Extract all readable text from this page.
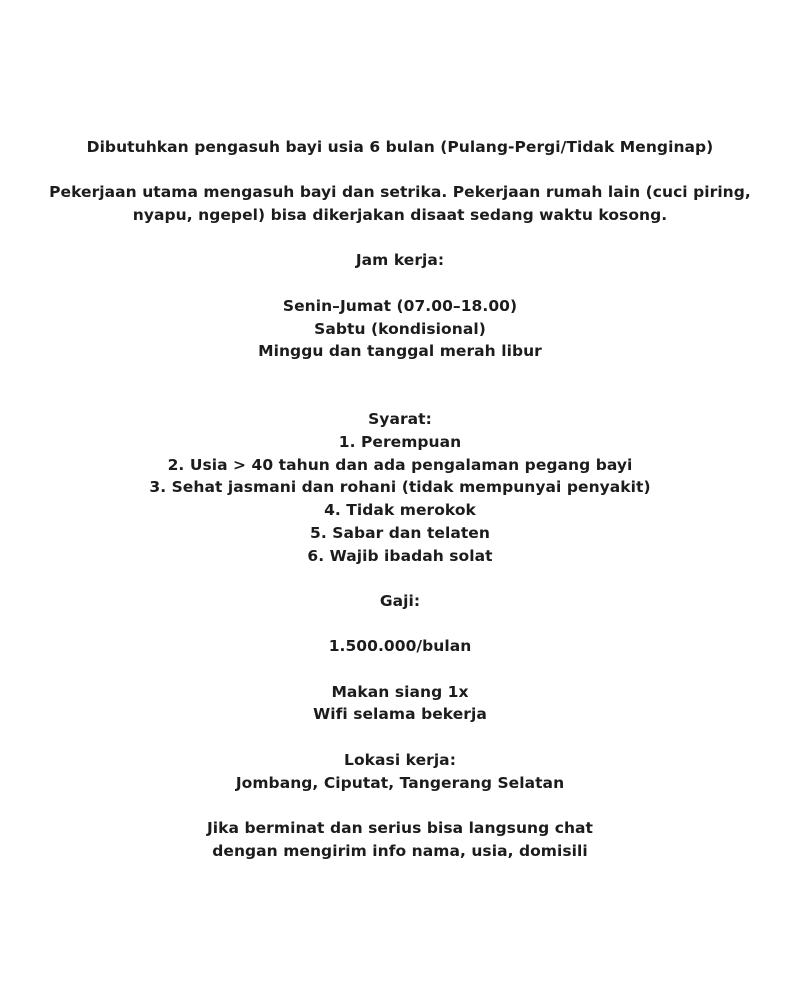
Dibutuhkan pengasuh bayi usia 6 bulan (Pulang-Pergi/Tidak Menginap)
Pekerjaan utama mengasuh bayi dan setrika. Pekerjaan rumah lain (cuci piring,
nyapu, ngepel) bisa dikerjakan disaat sedang waktu kosong.
Jam kerja:
Senin–Jumat (07.00–18.00)
Sabtu (kondisional)
Minggu dan tanggal merah libur
Syarat:
1. Perempuan
2. Usia > 40 tahun dan ada pengalaman pegang bayi
3. Sehat jasmani dan rohani (tidak mempunyai penyakit)
4. Tidak merokok
5. Sabar dan telaten
6. Wajib ibadah solat
Gaji:
1.500.000/bulan
Makan siang 1x
Wifi selama bekerja
Lokasi kerja:
Jombang, Ciputat, Tangerang Selatan
Jika berminat dan serius bisa langsung chat
dengan mengirim info nama, usia, domisili
